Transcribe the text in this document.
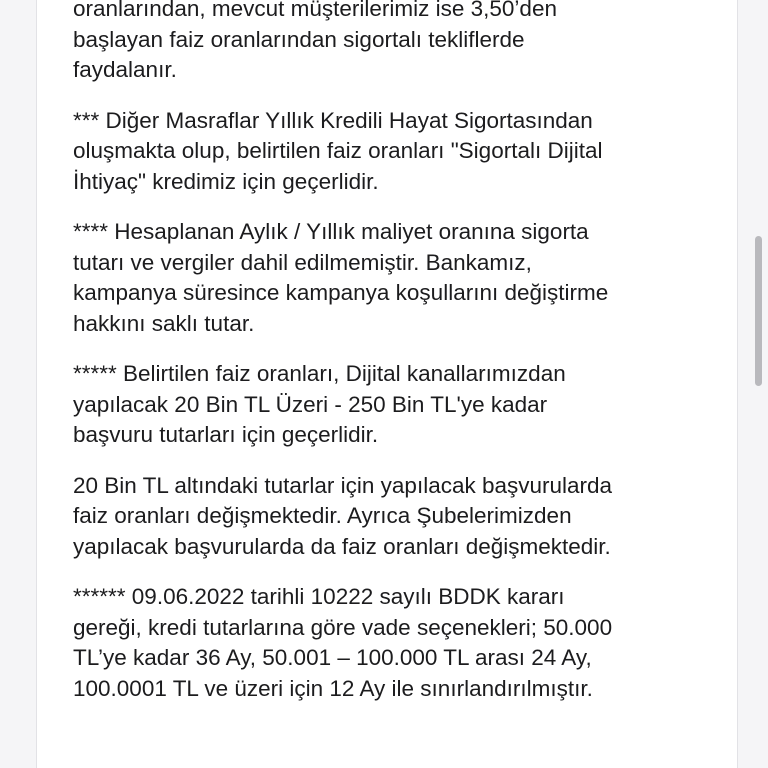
oranlarından, mevcut müşterilerimiz ise 3,50’den
başlayan faiz oranlarından sigortalı tekliflerde
faydalanır.

*** Diğer Masraflar Yıllık Kredili Hayat Sigortasından
oluşmakta olup, belirtilen faiz oranları "Sigortalı Dijital
İhtiyaç" kredimiz için geçerlidir.

**** Hesaplanan Aylık / Yıllık maliyet oranına sigorta
tutarı ve vergiler dahil edilmemiştir. Bankamız,
kampanya süresince kampanya koşullarını değiştirme
hakkını saklı tutar.

***** Belirtilen faiz oranları, Dijital kanallarımızdan
yapılacak 20 Bin TL Üzeri - 250 Bin TL'ye kadar
başvuru tutarları için geçerlidir.

20 Bin TL altındaki tutarlar için yapılacak başvurularda
faiz oranları değişmektedir. Ayrıca Şubelerimizden
yapılacak başvurularda da faiz oranları değişmektedir.

****** 09.06.2022 tarihli 10222 sayılı BDDK kararı
gereği, kredi tutarlarına göre vade seçenekleri; 50.000
TL’ye kadar 36 Ay, 50.001 – 100.000 TL arası 24 Ay,
100.0001 TL ve üzeri için 12 Ay ile sınırlandırılmıştır.
